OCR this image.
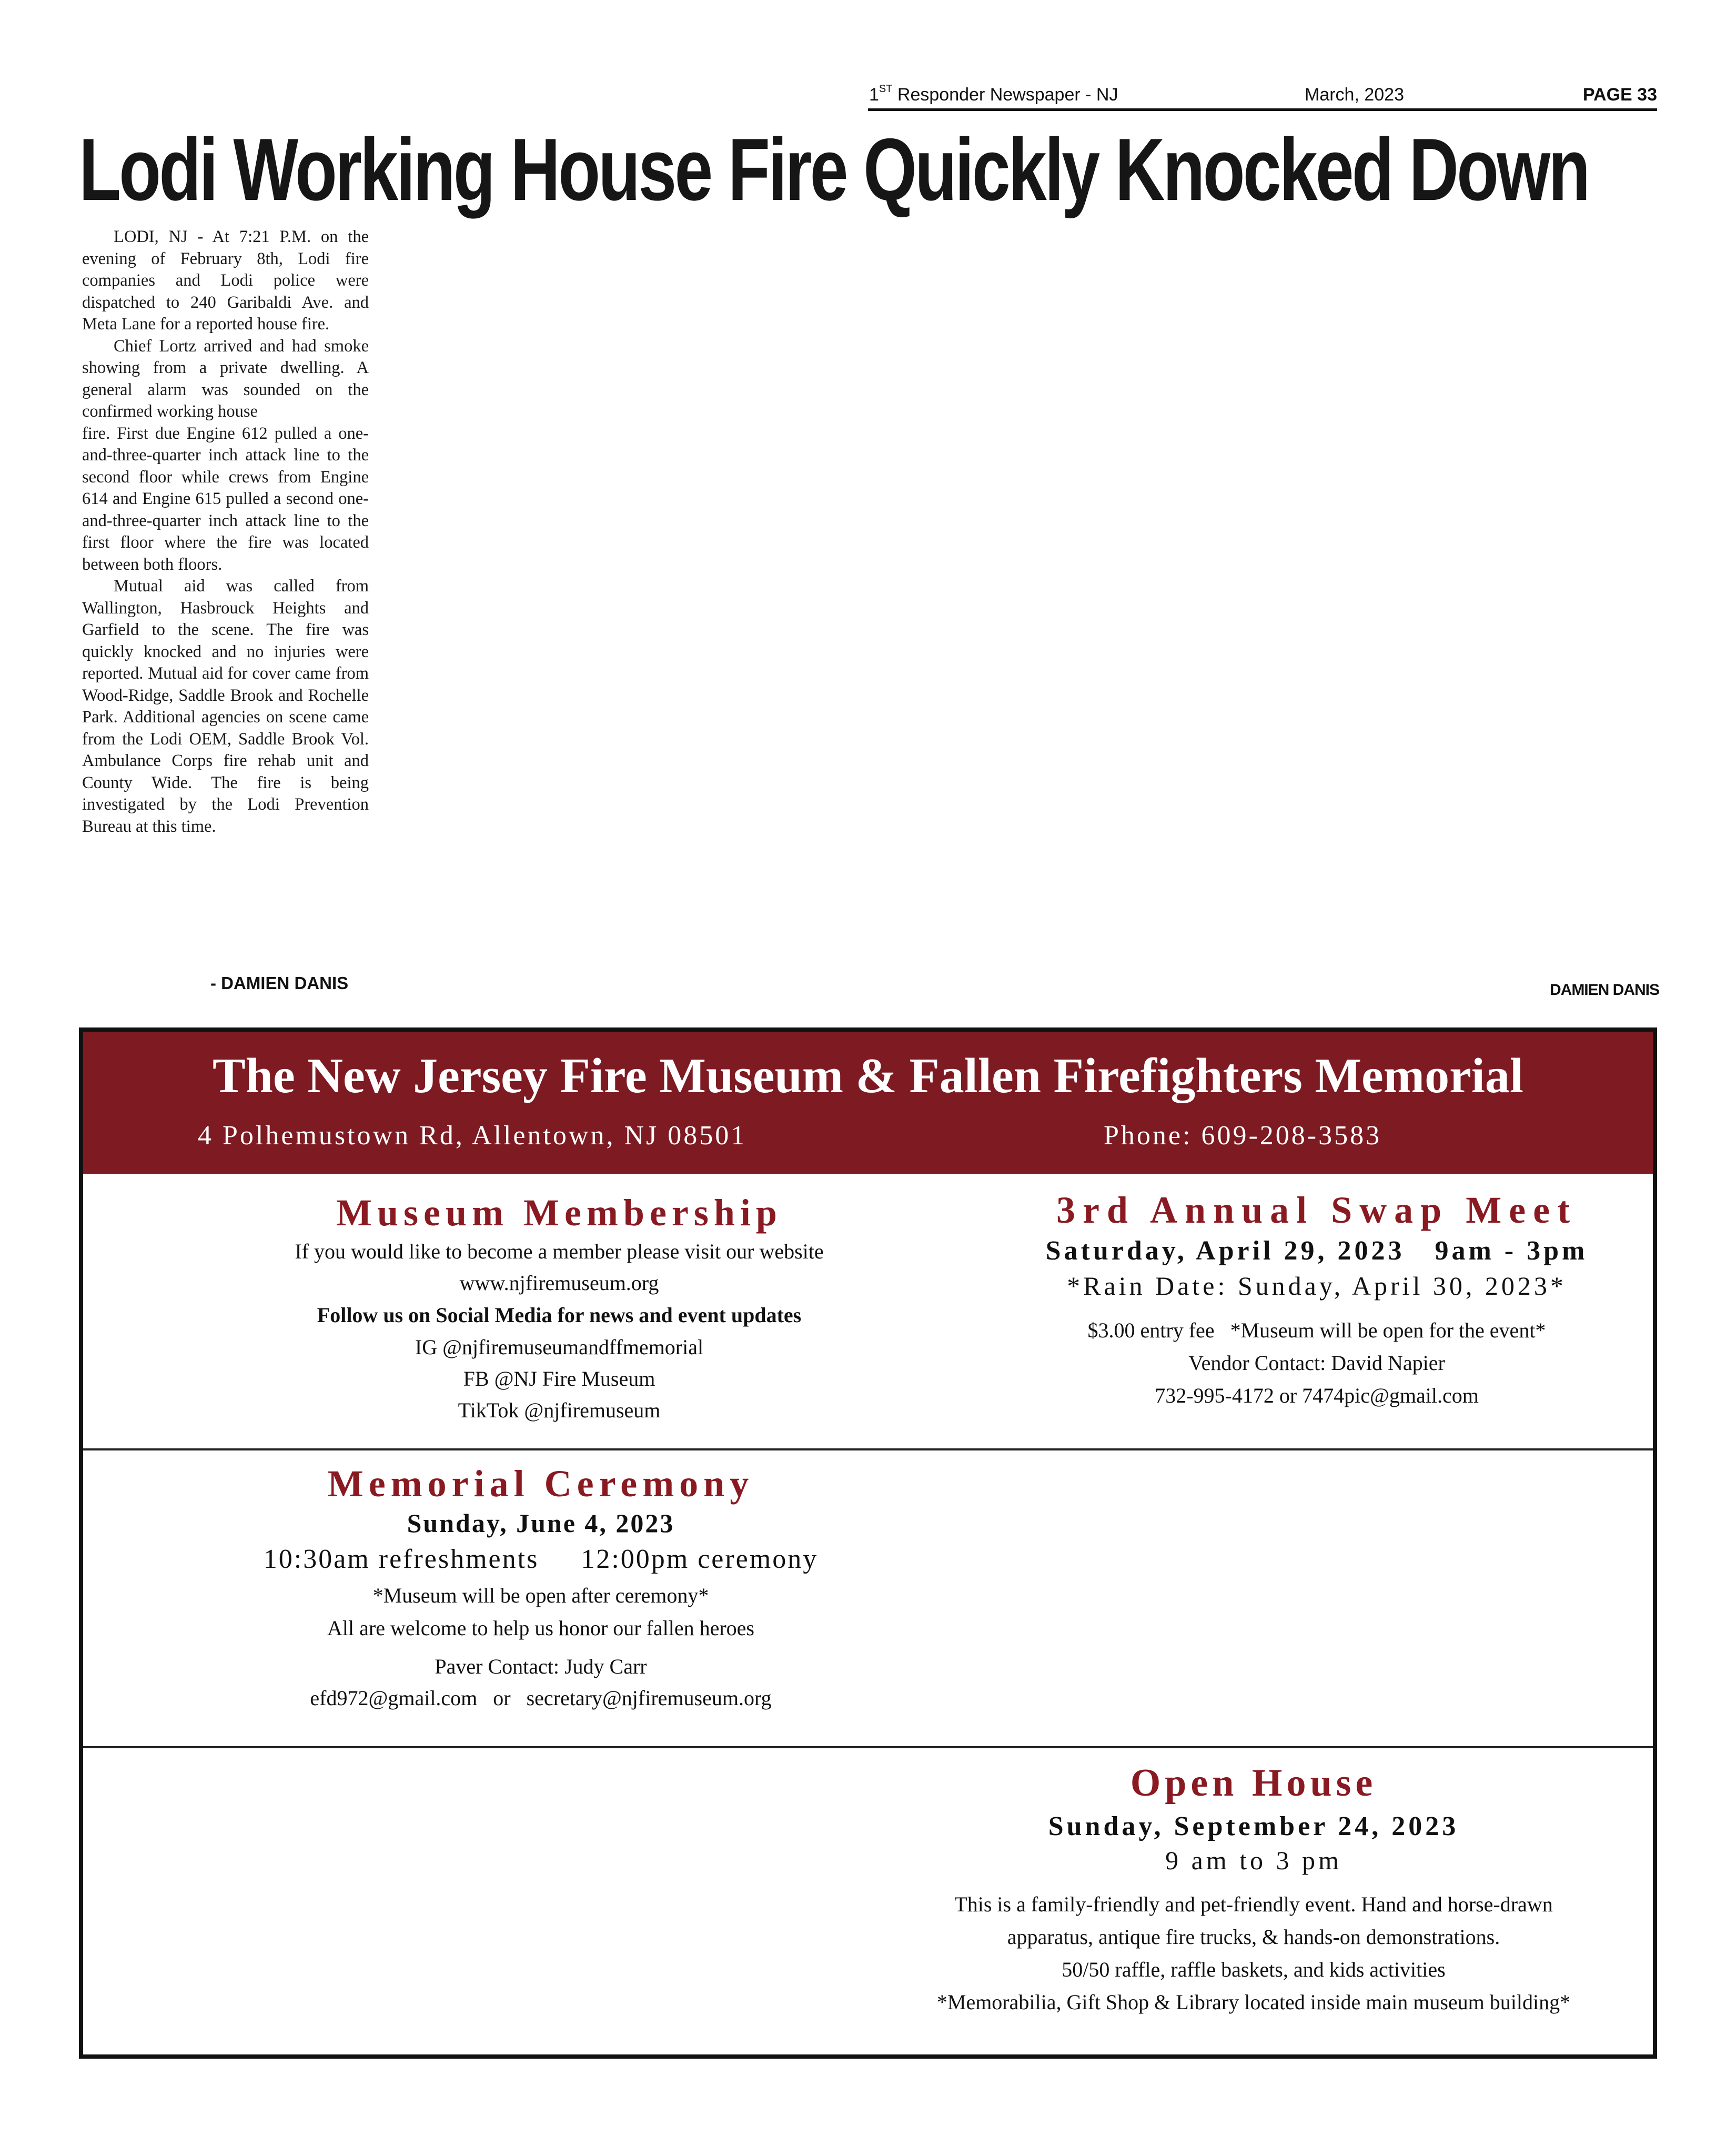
1ST Responder Newspaper - NJ	March, 2023	PAGE 33
Lodi Working House Fire Quickly Knocked Down

LODI, NJ - At 7:21 P.M. on the evening of February 8th, Lodi fire companies and Lodi police were dispatched to 240 Garibaldi Ave. and Meta Lane for a reported house fire.

Chief Lortz arrived and had smoke showing from a private dwelling. A general alarm was sounded on the confirmed working house

fire. First due Engine 612 pulled a one-and-three-quarter inch attack line to the second floor while crews from Engine 614 and Engine 615 pulled a second one-and-three-quarter inch attack line to the first floor where the fire was located between both floors.

Mutual aid was called from Wallington, Hasbrouck Heights and Garfield to the scene. The fire was quickly knocked and no injuries were reported. Mutual aid for cover came from Wood-Ridge, Saddle Brook and Rochelle Park. Additional agencies on scene came from the Lodi OEM, Saddle Brook Vol. Ambulance Corps fire rehab unit and County Wide. The fire is being investigated by the Lodi Prevention Bureau at this time.

- DAMIEN DANIS	DAMIEN DANIS
The New Jersey Fire Museum & Fallen Firefighters Memorial
4 Polhemustown Rd, Allentown, NJ 08501	Phone: 609-208-3583
Museum Membership
If you would like to become a member please visit our website
www.njfiremuseum.org
Follow us on Social Media for news and event updates
IG @njfiremuseumandffmemorial
FB @NJ Fire Museum
TikTok @njfiremuseum
3rd Annual Swap Meet
Saturday, April 29, 2023   9am - 3pm
*Rain Date: Sunday, April 30, 2023*
$3.00 entry fee   *Museum will be open for the event*
Vendor Contact: David Napier
732-995-4172 or 7474pic@gmail.com
Memorial Ceremony
Sunday, June 4, 2023
10:30am refreshments     12:00pm ceremony
*Museum will be open after ceremony*
All are welcome to help us honor our fallen heroes
Paver Contact: Judy Carr
efd972@gmail.com   or   secretary@njfiremuseum.org
Open House
Sunday, September 24, 2023
9 am to 3 pm
This is a family-friendly and pet-friendly event. Hand and horse-drawn
apparatus, antique fire trucks, & hands-on demonstrations.
50/50 raffle, raffle baskets, and kids activities
*Memorabilia, Gift Shop & Library located inside main museum building*
